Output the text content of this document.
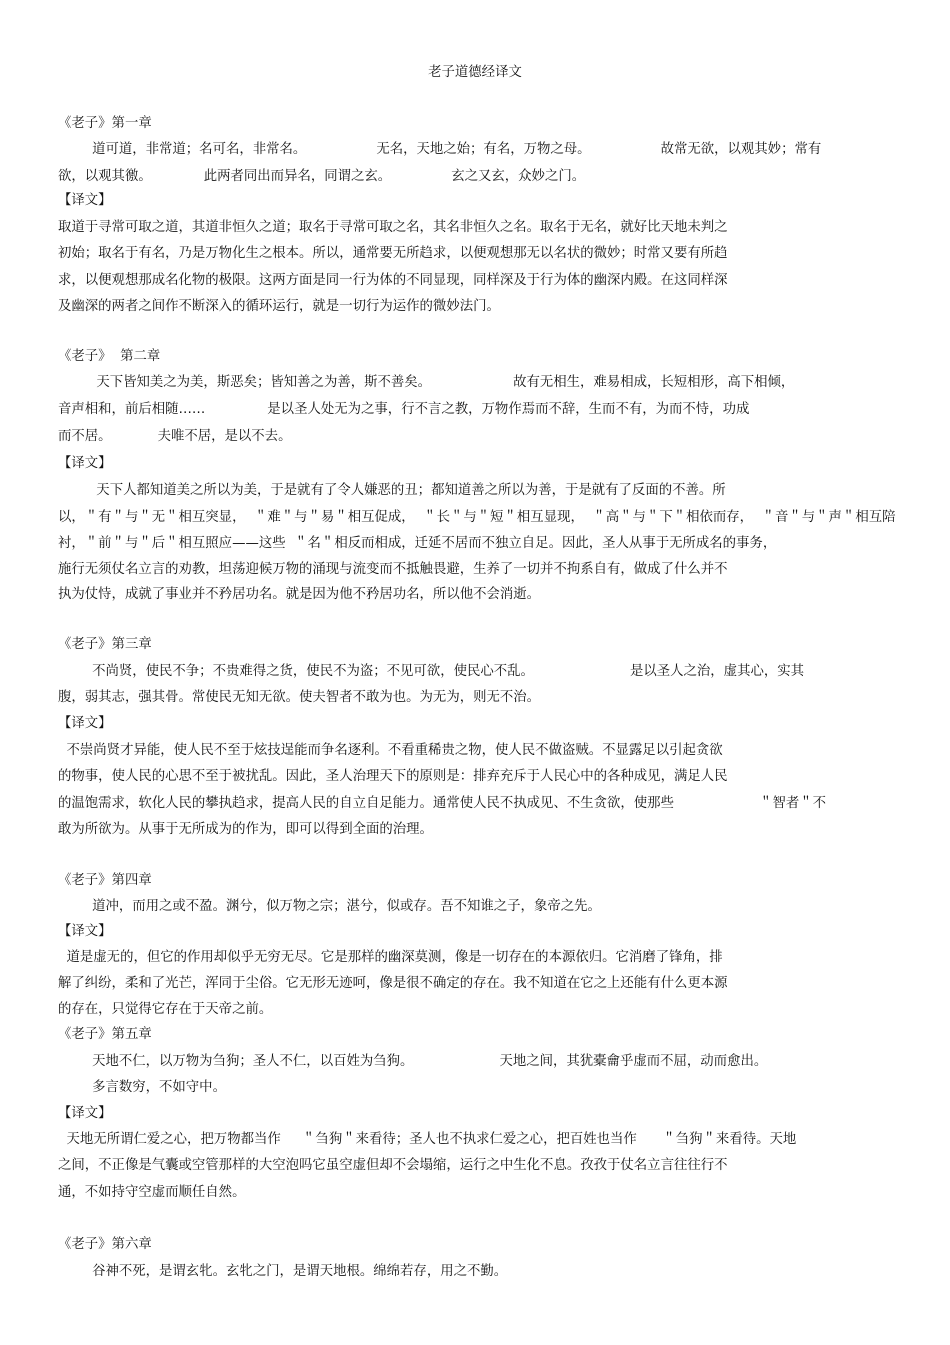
老子道德经译文
《老子》第一章
道可道，非常道；名可名，非常名。	无名，天地之始；有名，万物之母。	故常无欲，以观其妙；常有
欲，以观其徼。	此两者同出而异名，同谓之玄。	玄之又玄，众妙之门。
【译文】
取道于寻常可取之道，其道非恒久之道；取名于寻常可取之名，其名非恒久之名。取名于无名，就好比天地未判之
初始；取名于有名，乃是万物化生之根本。所以，通常要无所趋求，以便观想那无以名状的微妙；时常又要有所趋
求，以便观想那成名化物的极限。这两方面是同一行为体的不同显现，同样深及于行为体的幽深内殿。在这同样深
及幽深的两者之间作不断深入的循环运行，就是一切行为运作的微妙法门。
《老子》  第二章
天下皆知美之为美，斯恶矣；皆知善之为善，斯不善矣。	故有无相生，难易相成，长短相形，高下相倾，
音声相和，前后相随……	是以圣人处无为之事，行不言之教，万物作焉而不辞，生而不有，为而不恃，功成
而不居。	夫唯不居，是以不去。
【译文】
天下人都知道美之所以为美，于是就有了令人嫌恶的丑；都知道善之所以为善，于是就有了反面的不善。所
以，＂有＂与＂无＂相互突显，  ＂难＂与＂易＂相互促成，  ＂长＂与＂短＂相互显现，  ＂高＂与＂下＂相依而存，  ＂音＂与＂声＂相互陪
衬，＂前＂与＂后＂相互照应——这些  ＂名＂相反而相成，迁延不居而不独立自足。因此，圣人从事于无所成名的事务，
施行无须仗名立言的劝教，坦荡迎候万物的涌现与流变而不抵触畏避，生养了一切并不拘系自有，做成了什么并不
执为仗恃，成就了事业并不矜居功名。就是因为他不矜居功名，所以他不会消逝。
《老子》第三章
不尚贤，使民不争；不贵难得之货，使民不为盗；不见可欲，使民心不乱。	是以圣人之治，虚其心，实其
腹，弱其志，强其骨。常使民无知无欲。使夫智者不敢为也。为无为，则无不治。
【译文】
不崇尚贤才异能，使人民不至于炫技逞能而争名逐利。不看重稀贵之物，使人民不做盗贼。不显露足以引起贪欲
的物事，使人民的心思不至于被扰乱。因此，圣人治理天下的原则是：排弃充斥于人民心中的各种成见，满足人民
的温饱需求，软化人民的攀执趋求，提高人民的自立自足能力。通常使人民不执成见、不生贪欲，使那些                    ＂智者＂不
敢为所欲为。从事于无所成为的作为，即可以得到全面的治理。
《老子》第四章
道冲，而用之或不盈。渊兮，似万物之宗；湛兮，似或存。吾不知谁之子，象帝之先。
【译文】
道是虚无的，但它的作用却似乎无穷无尽。它是那样的幽深莫测，像是一切存在的本源依归。它消磨了锋角，排
解了纠纷，柔和了光芒，浑同于尘俗。它无形无迹呵，像是很不确定的存在。我不知道在它之上还能有什么更本源
的存在，只觉得它存在于天帝之前。
《老子》第五章
天地不仁，以万物为刍狗；圣人不仁，以百姓为刍狗。	天地之间，其犹橐龠乎虚而不屈，动而愈出。
多言数穷，不如守中。
【译文】
天地无所谓仁爱之心，把万物都当作     ＂刍狗＂来看待；圣人也不执求仁爱之心，把百姓也当作      ＂刍狗＂来看待。天地
之间，不正像是气囊或空管那样的大空泡吗它虽空虚但却不会塌缩，运行之中生化不息。孜孜于仗名立言往往行不
通，不如持守空虚而顺任自然。
《老子》第六章
谷神不死，是谓玄牝。玄牝之门，是谓天地根。绵绵若存，用之不勤。
